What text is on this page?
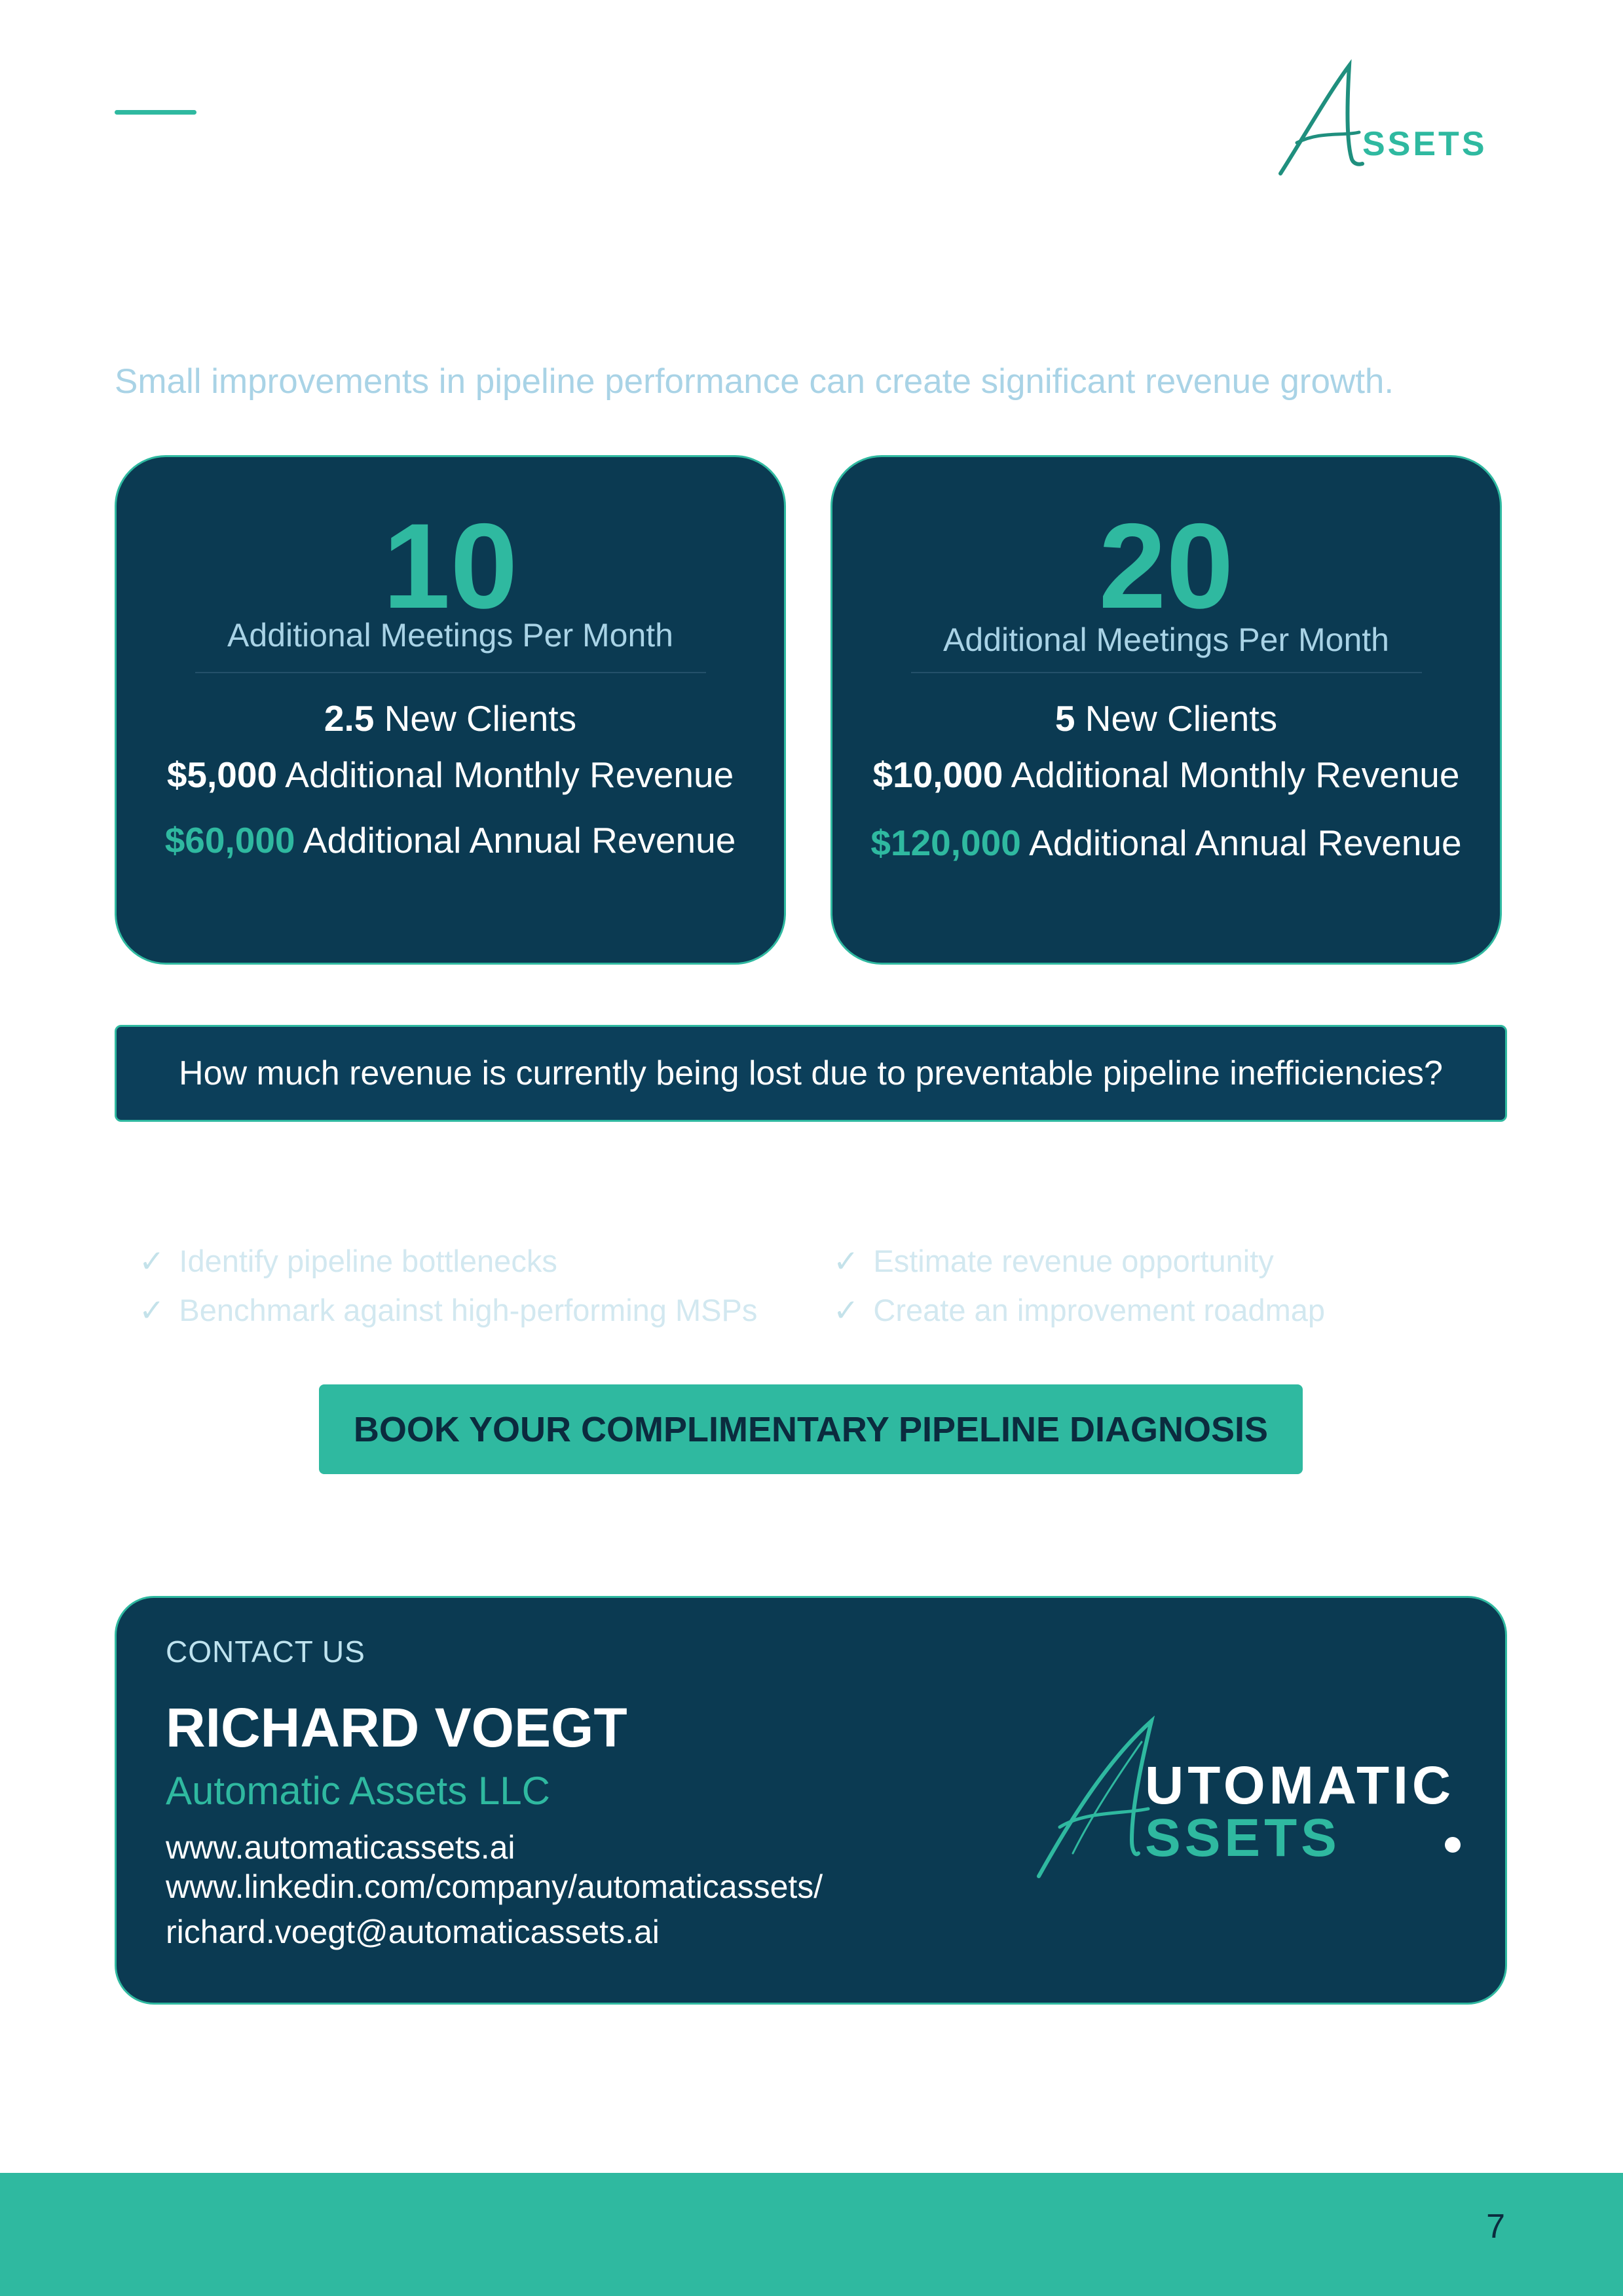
SSETS
Small improvements in pipeline performance can create significant revenue growth.
10
Additional Meetings Per Month
2.5 New Clients
$5,000 Additional Monthly Revenue
$60,000 Additional Annual Revenue
20
Additional Meetings Per Month
5 New Clients
$10,000 Additional Monthly Revenue
$120,000 Additional Annual Revenue
How much revenue is currently being lost due to preventable pipeline inefficiencies?
✓ Identify pipeline bottlenecks	✓ Estimate revenue opportunity
✓ Benchmark against high-performing MSPs ✓ Create an improvement roadmap
BOOK YOUR COMPLIMENTARY PIPELINE DIAGNOSIS
CONTACT US
RICHARD VOEGT
Automatic Assets LLC
www.automaticassets.ai
www.linkedin.com/company/automaticassets/
richard.voegt@automaticassets.ai
UTOMATIC
SSETS
7
